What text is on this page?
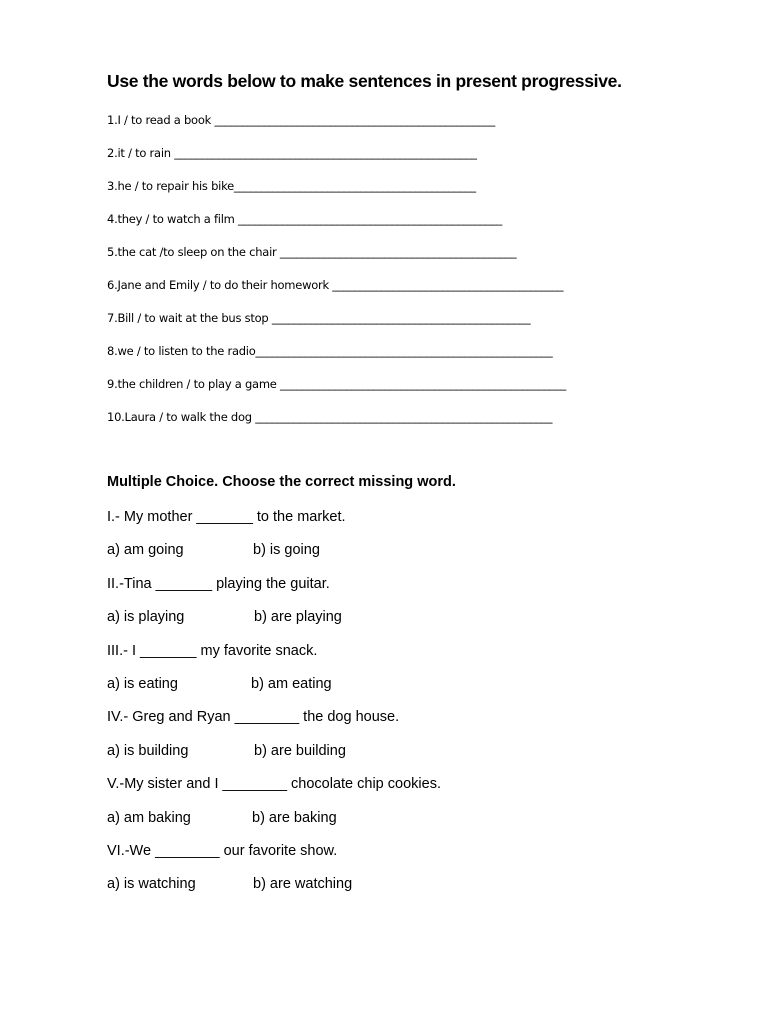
Use the words below to make sentences in present progressive.
1.I / to read a book ___________________________________________________
2.it / to rain _______________________________________________________
3.he / to repair his bike____________________________________________
4.they / to watch a film ________________________________________________
5.the cat /to sleep on the chair ___________________________________________
6.Jane and Emily / to do their homework __________________________________________
7.Bill / to wait at the bus stop _______________________________________________
8.we / to listen to the radio______________________________________________________
9.the children / to play a game ____________________________________________________
10.Laura / to walk the dog ______________________________________________________

Multiple Choice. Choose the correct missing word.

I.- My mother _______ to the market.
a) am going	b) is going
II.-Tina _______ playing the guitar.
a) is playing	b) are playing
III.- I _______ my favorite snack.
a) is eating	b) am eating
IV.- Greg and Ryan ________ the dog house.
a) is building	b) are building
V.-My sister and I ________ chocolate chip cookies.
a) am baking	b) are baking
VI.-We ________ our favorite show.
a) is watching	b) are watching
